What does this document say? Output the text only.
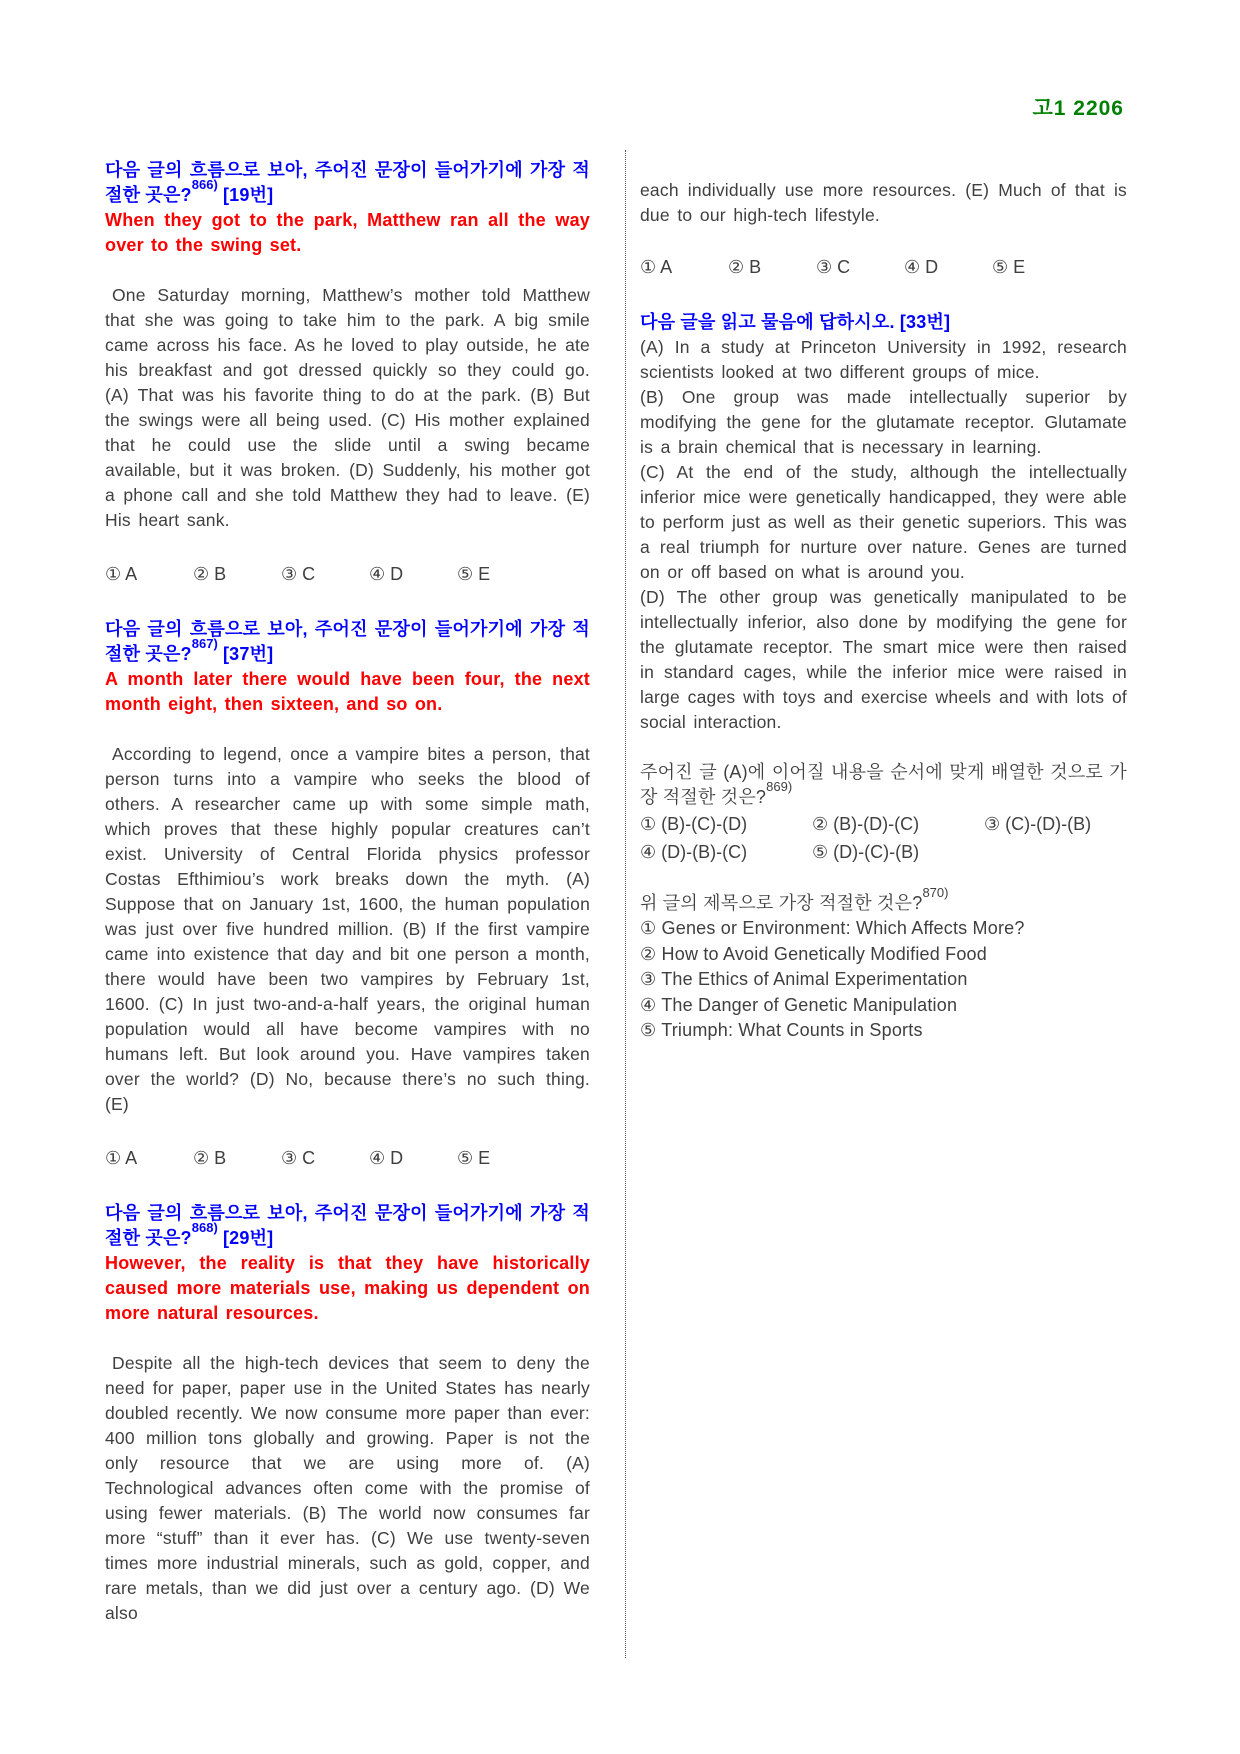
고1 2206

다음 글의 흐름으로 보아, 주어진 문장이 들어가기에 가장 적절한 곳은?$^{866)}$ [19번]

When they got to the park, Matthew ran all the way over to the swing set.

One Saturday morning, Matthew’s mother told Matthew that she was going to take him to the park. A big smile came across his face. As he loved to play outside, he ate his breakfast and got dressed quickly so they could go. (A) That was his favorite thing to do at the park. (B) But the swings were all being used. (C) His mother explained that he could use the slide until a swing became available, but it was broken. (D) Suddenly, his mother got a phone call and she told Matthew they had to leave. (E) His heart sank.

① A	② B	③ C	④ D	⑤ E

다음 글의 흐름으로 보아, 주어진 문장이 들어가기에 가장 적절한 곳은?$^{867)}$ [37번]

A month later there would have been four, the next month eight, then sixteen, and so on.

According to legend, once a vampire bites a person, that person turns into a vampire who seeks the blood of others. A researcher came up with some simple math, which proves that these highly popular creatures can’t exist. University of Central Florida physics professor Costas Efthimiou’s work breaks down the myth. (A) Suppose that on January 1st, 1600, the human population was just over five hundred million. (B) If the first vampire came into existence that day and bit one person a month, there would have been two vampires by February 1st, 1600. (C) In just two-and-a-half years, the original human population would all have become vampires with no humans left. But look around you. Have vampires taken over the world? (D) No, because there’s no such thing. (E)

① A	② B	③ C	④ D	⑤ E

다음 글의 흐름으로 보아, 주어진 문장이 들어가기에 가장 적절한 곳은?$^{868)}$ [29번]

However, the reality is that they have historically caused more materials use, making us dependent on more natural resources.

Despite all the high-tech devices that seem to deny the need for paper, paper use in the United States has nearly doubled recently. We now consume more paper than ever: 400 million tons globally and growing. Paper is not the only resource that we are using more of. (A) Technological advances often come with the promise of using fewer materials. (B) The world now consumes far more “stuff” than it ever has. (C) We use twenty-seven times more industrial minerals, such as gold, copper, and rare metals, than we did just over a century ago. (D) We also

each individually use more resources. (E) Much of that is due to our high-tech lifestyle.

① A	② B	③ C	④ D	⑤ E

다음 글을 읽고 물음에 답하시오. [33번]

(A) In a study at Princeton University in 1992, research scientists looked at two different groups of mice.

(B) One group was made intellectually superior by modifying the gene for the glutamate receptor. Glutamate is a brain chemical that is necessary in learning.

(C) At the end of the study, although the intellectually inferior mice were genetically handicapped, they were able to perform just as well as their genetic superiors. This was a real triumph for nurture over nature. Genes are turned on or off based on what is around you.

(D) The other group was genetically manipulated to be intellectually inferior, also done by modifying the gene for the glutamate receptor. The smart mice were then raised in standard cages, while the inferior mice were raised in large cages with toys and exercise wheels and with lots of social interaction.

주어진 글 (A)에 이어질 내용을 순서에 맞게 배열한 것으로 가장 적절한 것은?$^{869)}$

① (B)-(C)-(D)	② (B)-(D)-(C)	③ (C)-(D)-(B)
④ (D)-(B)-(C)	⑤ (D)-(C)-(B)

위 글의 제목으로 가장 적절한 것은?$^{870)}$

① Genes or Environment: Which Affects More?

② How to Avoid Genetically Modified Food

③ The Ethics of Animal Experimentation

④ The Danger of Genetic Manipulation

⑤ Triumph: What Counts in Sports
